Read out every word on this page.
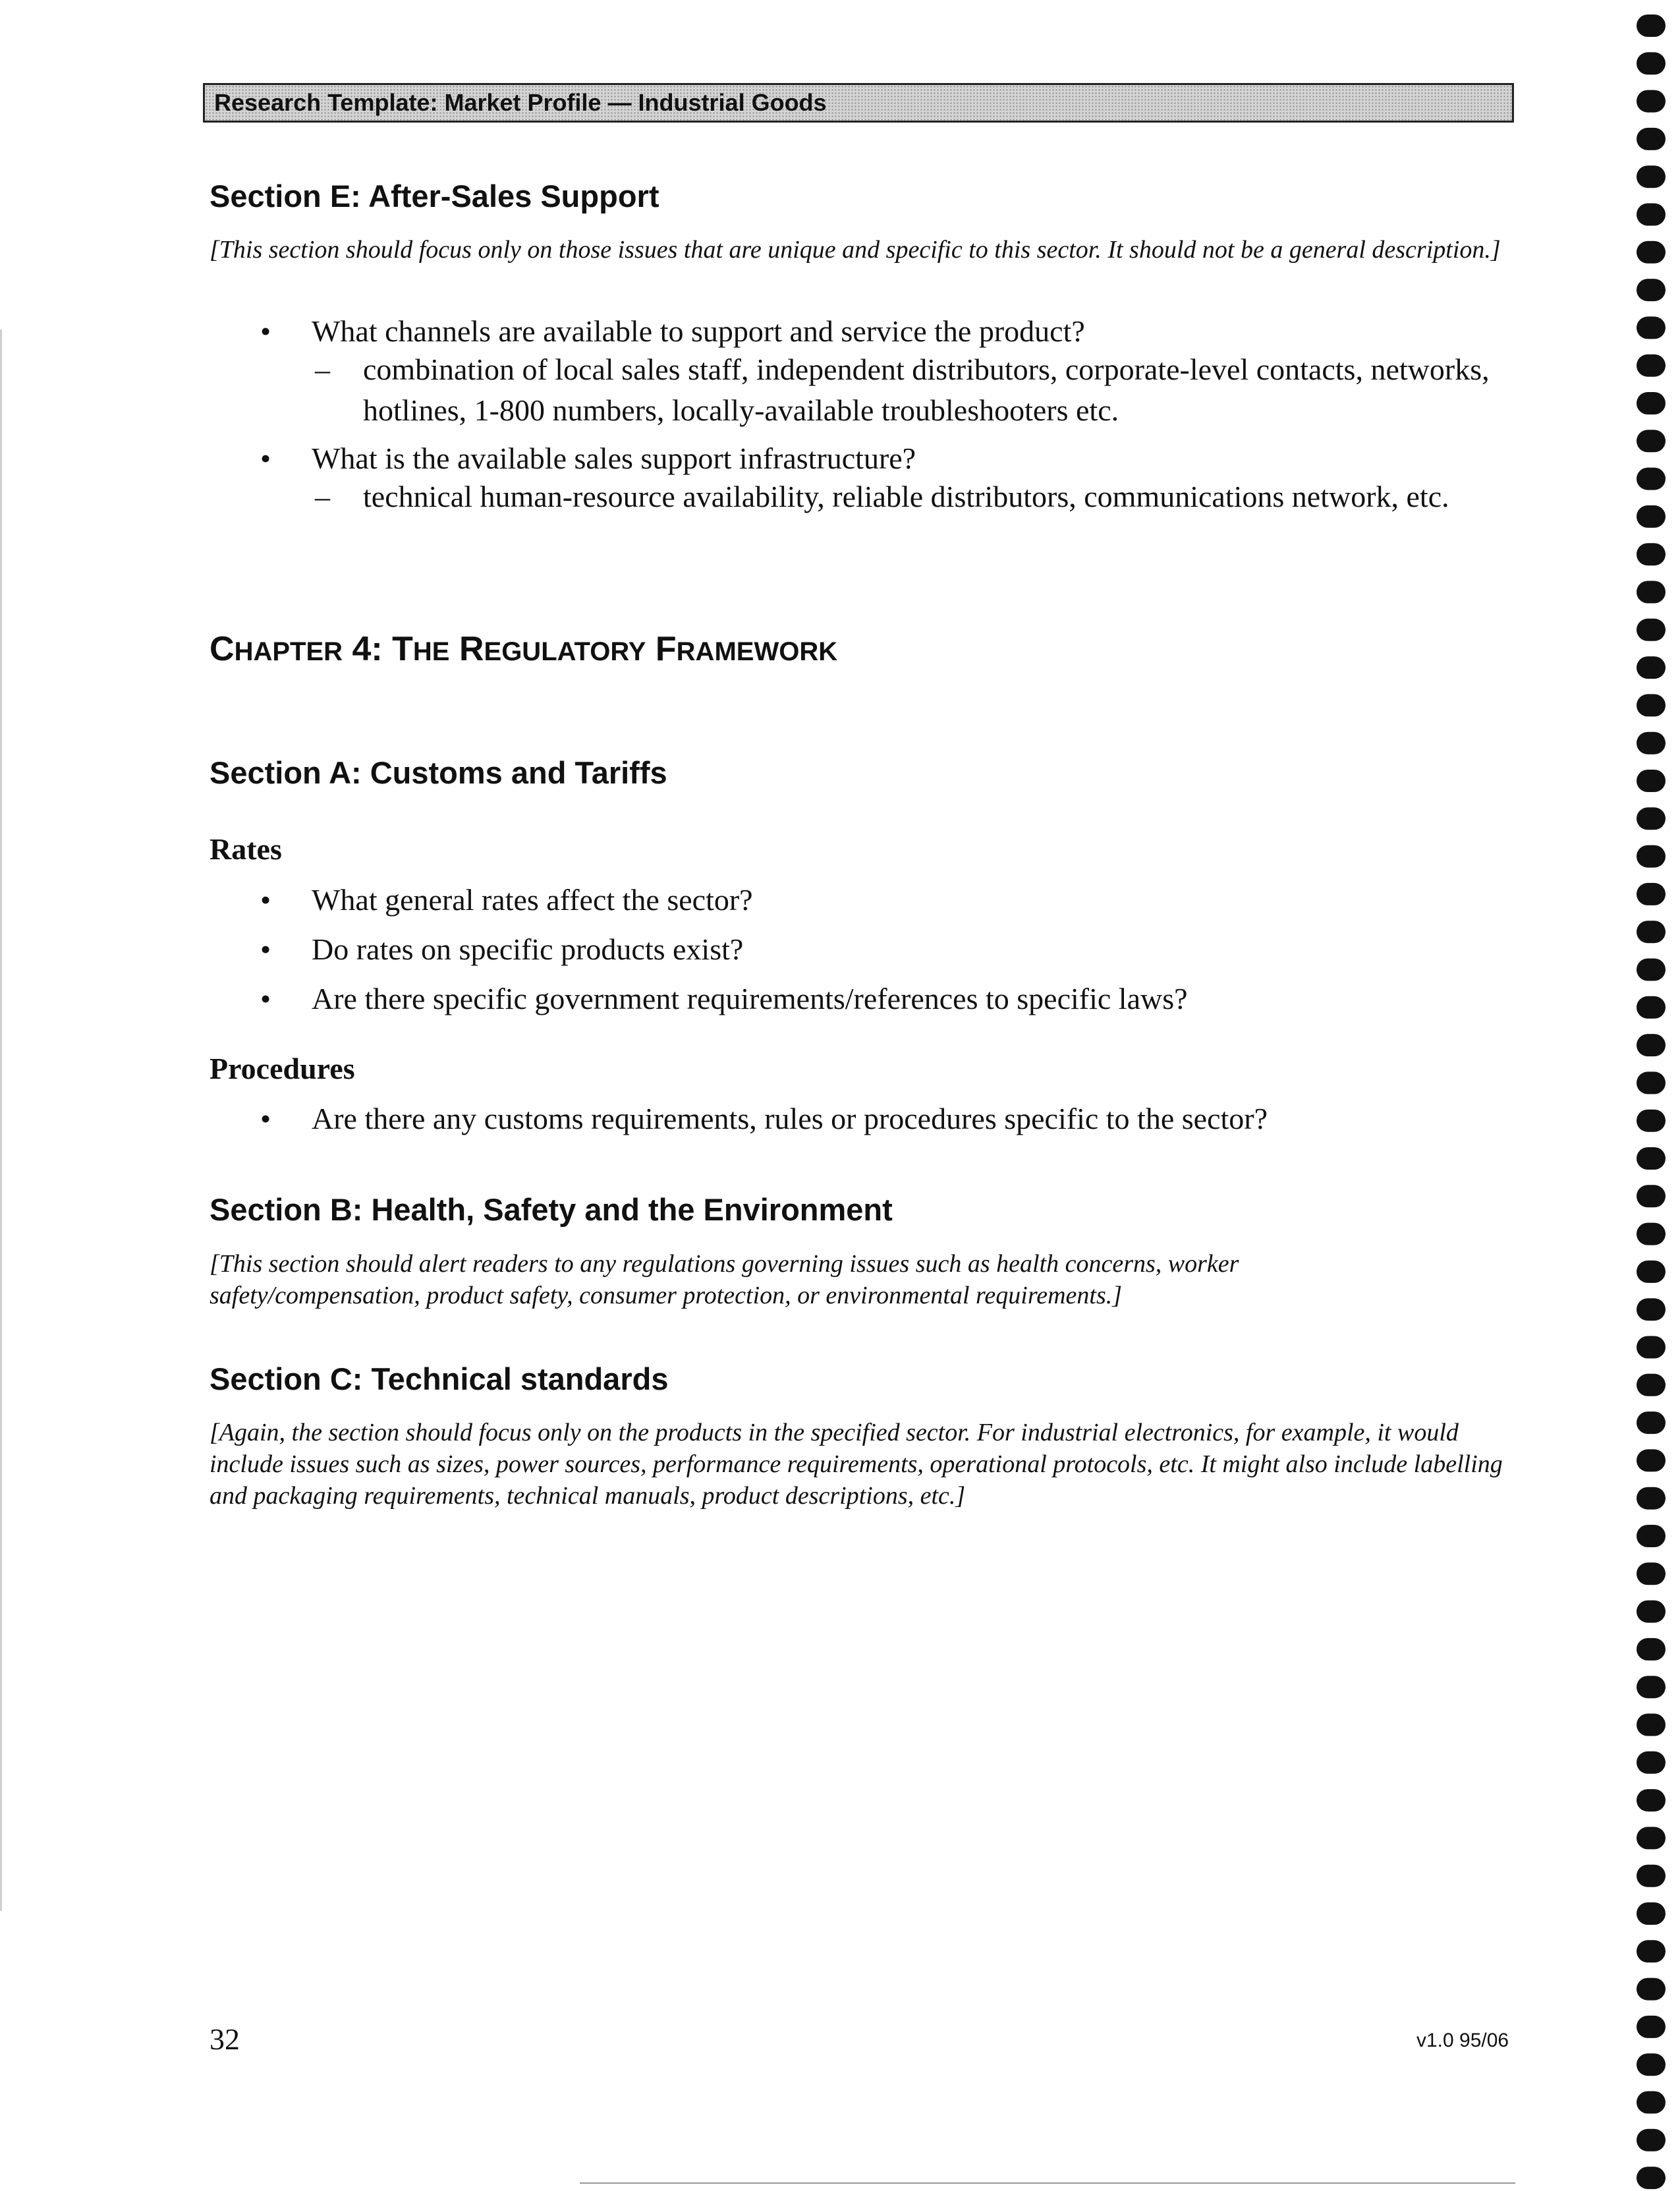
Research Template: Market Profile — Industrial Goods
Section E: After-Sales Support
[This section should focus only on those issues that are unique and specific to this sector. It should not be a general description.]
• What channels are available to support and service the product?
– combination of local sales staff, independent distributors, corporate-level contacts, networks, hotlines, 1-800 numbers, locally-available troubleshooters etc.
• What is the available sales support infrastructure?
– technical human-resource availability, reliable distributors, communications network, etc.
CHAPTER 4: THE REGULATORY FRAMEWORK
Section A: Customs and Tariffs
Rates
• What general rates affect the sector?
• Do rates on specific products exist?
• Are there specific government requirements/references to specific laws?
Procedures
• Are there any customs requirements, rules or procedures specific to the sector?
Section B: Health, Safety and the Environment
[This section should alert readers to any regulations governing issues such as health concerns, worker safety/compensation, product safety, consumer protection, or environmental requirements.]
Section C: Technical standards
[Again, the section should focus only on the products in the specified sector. For industrial electronics, for example, it would include issues such as sizes, power sources, performance requirements, operational protocols, etc. It might also include labelling and packaging requirements, technical manuals, product descriptions, etc.]
32	v1.0 95/06
